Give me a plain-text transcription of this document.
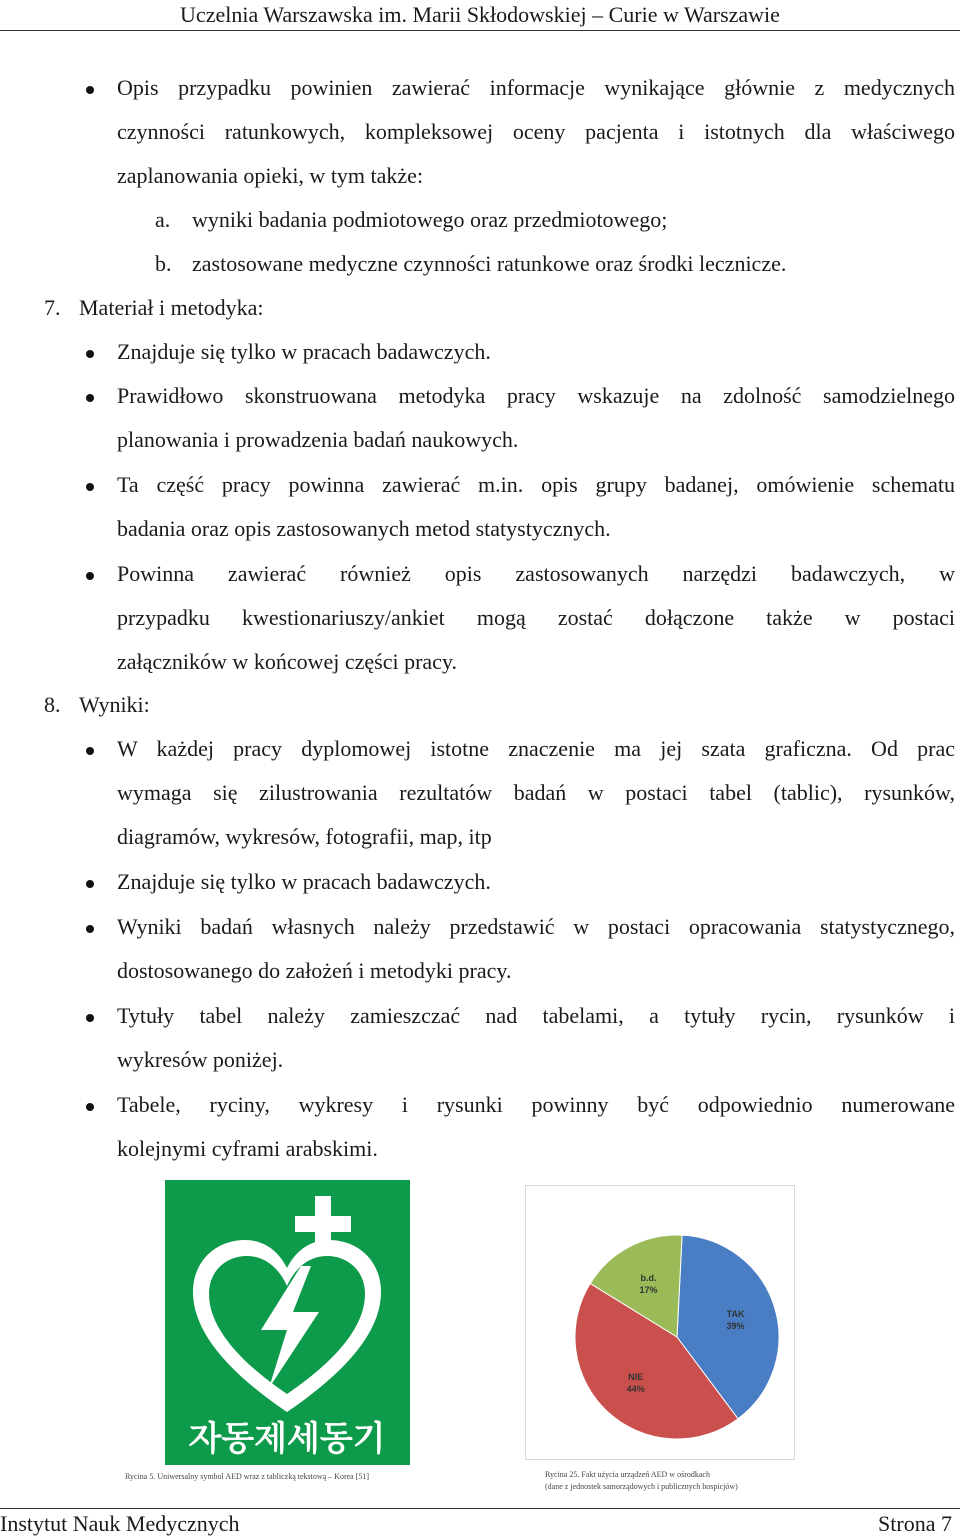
Uczelnia Warszawska im. Marii Skłodowskiej – Curie w Warszawie
Opis przypadku powinien zawierać informacje wynikające głównie z medycznych
czynności ratunkowych, kompleksowej oceny pacjenta i istotnych dla właściwego
zaplanowania opieki, w tym także:
a. wyniki badania podmiotowego oraz przedmiotowego;
b. zastosowane medyczne czynności ratunkowe oraz środki lecznicze.
7. Materiał i metodyka:
Znajduje się tylko w pracach badawczych.
Prawidłowo skonstruowana metodyka pracy wskazuje na zdolność samodzielnego
planowania i prowadzenia badań naukowych.
Ta część pracy powinna zawierać m.in. opis grupy badanej, omówienie schematu
badania oraz opis zastosowanych metod statystycznych.
Powinna zawierać również opis zastosowanych narzędzi badawczych, w
przypadku kwestionariuszy/ankiet mogą zostać dołączone także w postaci
załączników w końcowej części pracy.
8. Wyniki:
W każdej pracy dyplomowej istotne znaczenie ma jej szata graficzna. Od prac
wymaga się zilustrowania rezultatów badań w postaci tabel (tablic), rysunków,
diagramów, wykresów, fotografii, map, itp
Znajduje się tylko w pracach badawczych.
Wyniki badań własnych należy przedstawić w postaci opracowania statystycznego,
dostosowanego do założeń i metodyki pracy.
Tytuły tabel należy zamieszczać nad tabelami, a tytuły rycin, rysunków i
wykresów poniżej.
Tabele, ryciny, wykresy i rysunki powinny być odpowiednio numerowane
kolejnymi cyframi arabskimi.
자동제세동기
Rycina 5. Uniwersalny symbol AED wraz z tabliczką tekstową – Korea [51]
TAK
39%
NIE
44%
b.d.
17%
Rycina 25. Fakt użycia urządzeń AED w ośrodkach
(dane z jednostek samorządowych i publicznych hospicjów)
Instytut Nauk Medycznych	Strona 7
